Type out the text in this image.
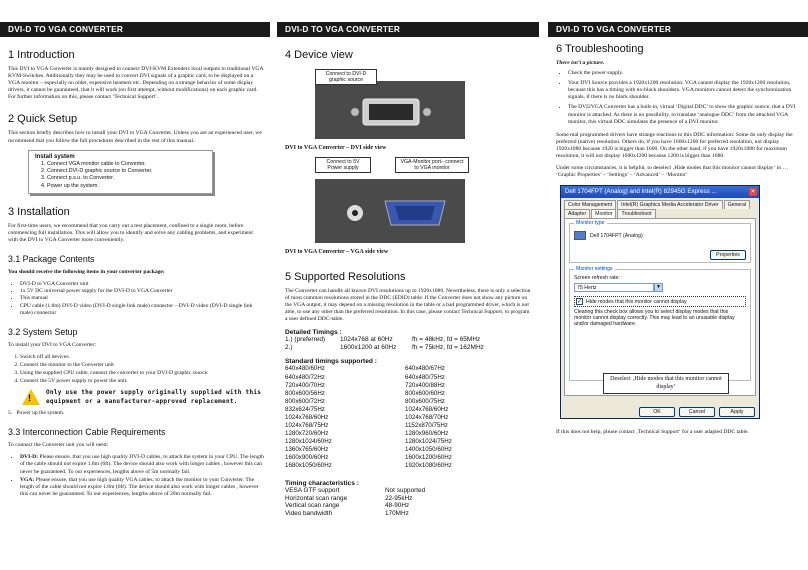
DVI-D TO VGA CONVERTER
1 Introduction

This DVI to VGA Converter is mainly designed to connect DVI-KVM Extenders local outputs to traditional VGA KVM-Switches. Additionally they may be used to convert DVI signals of a graphic card, to be displayed on a VGA monitor – especially on older, expensive beamers etc. Depending on a strange behavior of some display drivers, it cannot be guaranteed, that it will work (on first attempt, without modifications) on each graphic card. For further information on this, please contact ‘Technical Support’.

2 Quick Setup

This section briefly describes how to install your DVI to VGA Converter. Unless you are an experienced user, we recommend that you follow the full procedures described in the rest of this manual..

Install system
1. Connect VGA monitor cable to Converter.
2. Connect DVI-D graphic source to Converter.
3. Connect p.s.u. to Converter.
4. Power up the system.
3 Installation

For first-time users, we recommend that you carry out a test placement, confined to a single room, before commencing full installation. This will allow you to identify and solve any cabling problems, and experiment with the DVI to VGA Converter more conveniently.

3.1 Package Contents

You should receive the following items in your converter package:

• DVI-D to VGA Converter unit
• 1x 5V DC universal power supply for the DVI-D to VGA Converter
• This manual
• CPU cable (1.8m) DVI-D video (DVI-D single link male) connector – DVI-D video (DVI-D single link male) connector
3.2 System Setup

To install your DVI to VGA Converter:

1. Switch off all devices.
2. Connect the monitor to the Converter unit
3. Using the supplied CPU cable, connect the converter to your DVI-D graphic source.
4. Connect the 5V power supply to power the unit.
!
Only use the power supply originally supplied with this equipment or a manufacturer-approved replacement.

5. Power up the system.

3.3 Interconnection Cable Requirements

To connect the Converter unit you will need:

• DVI-D: Please ensure, that you use high quality DVI-D cables, to attach the system to your CPU. The length of the cable should not expire 1.8m (6ft). The device should also work with longer cables , however this can never be guaranteed. To our experiences, lengths above of 5m normally fail.
• VGA: Please ensure, that you use high quality VGA cables, to attach the monitor to your Converter. The length of the cable should not expire 1.8m (6ft). The device should also work with longer cables , however this can never be guaranteed. To our experiences, lengths above of 20m normally fail.
DVI-D TO VGA CONVERTER
4 Device view
Connect to DVI-D graphic source
DVI to VGA Converter – DVI side view
Connect to 5V Power supply
VGA-Monitor port– connect to VGA monitor
DVI to VGA Converter – VGA side view
5 Supported Resolutions

The Converter can handle all known DVI resolutions up to 1920x1080. Nevertheless, there is only a selection of most common resolutions stored in the DDC (EDID) table. If the Converter does not show any picture on the VGA output, it may depend on a missing resolution in the table or a bad programmed driver, which is not able, to use any other than the preferred resolution. In this case, please contact Technical Support, to program a user defined DDC-table.

Detailed Timings :
1.) (preferred)	1024x768 at 60Hz	fh = 48kHz, fd = 65MHz
2.)	1600x1200 at 60Hz	fh = 75kHz, fd = 162MHz
Standard timings supported :
640x480/60Hz	640x480/67Hz
640x480/72Hz	640x480/75Hz
720x400/70Hz	720x400/88Hz
800x600/56Hz	800x600/60Hz
800x600/72Hz	800x600/75Hz
832x624/75Hz	1024x768/60Hz
1024x768/60Hz	1024x768/70Hz
1024x768/75Hz	1152x870/75Hz
1280x720/60Hz	1280x960/60Hz
1280x1024/60Hz	1280x1024/75Hz
1360x765/60Hz	1400x1050/60Hz
1600x900/60Hz	1600x1200/60Hz
1680x1050/60Hz	1920x1080/60Hz
Timing characteristics :
VESA GTF support	Not supported
Horizontal scan range	22-95kHz
Vertical scan range	48-90Hz
Video bandwidth	170MHz
DVI-D TO VGA CONVERTER
6 Troubleshooting

There isn’t a picture.

• Check the power supply.
• Your DVI Source provides a 1920x1200 resolution. VGA cannot display the 1920x1200 resolution, because this has a timing with no-black shoulders. VGA monitors cannot detect the synchronization signals, if there is no black shoulder.
• The DVI2VGA Converter has a built-in, virtual ‘Digital DDC’ to show the graphic source, that a DVI monitor is attached. As there is no possibility, to translate ‘analogue DDC’ from the attached VGA monitor, this virtual DDC simulates the presence of a DVI monitor.

Some mal programmed drivers have strange reactions to this DDC information: Some do only display the preferred (native) resolution. Others do, if you have 1600x1200 for preferred resolution, not display 1920x1080 because 1920 is bigger than 1600. On the other hand, if you have 1920x1080 for maximum resolution, it will not display 1600x1200 because 1200 is bigger than 1080.

Under some circumstances, it is helpful, to deselect ‚Hide modes that this monitor cannot display‘ in … ‘Graphic Properties’ – ‘Settings’ – ‘Advanced’ – ‘Monitor’

Dell 1704FPT (Analog) and Intel(R) 82945G Express ...	✕
Color Management	Intel(R) Graphics Media Accelerator Driver	General
Adapter	Monitor	Troubleshoot
Monitor type
Dell 1704FPT (Analog)
Properties
Monitor settings
Screen refresh rate:
75 Hertz	▼
✓ Hide modes that this monitor cannot display
Clearing this check box allows you to select display modes that this monitor cannot display correctly. This may lead to an unusable display and/or damaged hardware.
OK	Cancel	Apply
Deselect ‚Hide modes that this monitor cannot display‘

If this does not help, please contact ‚Technical Support‘ for a user adapted DDC table.
